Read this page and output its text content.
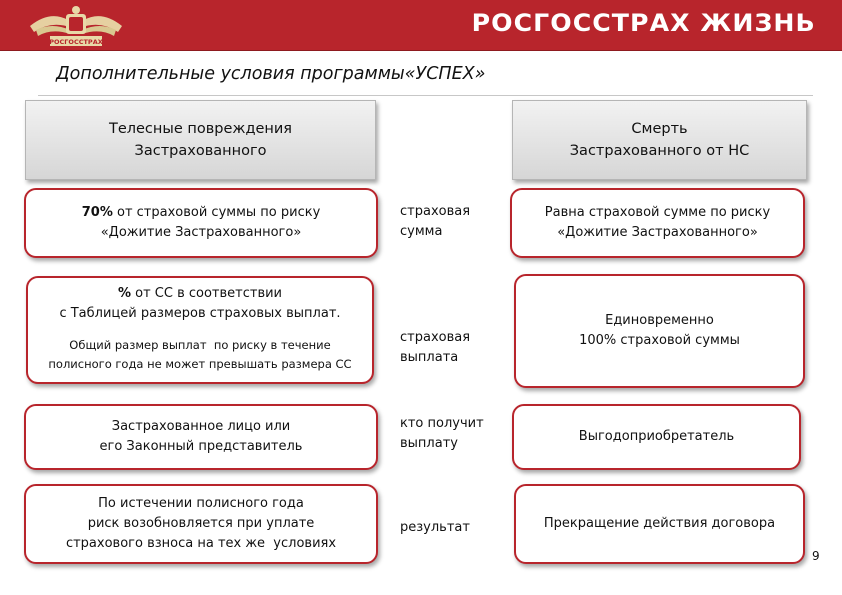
РОСГОССТРАХ
РОСГОССТРАХ ЖИЗНЬ
Дополнительные условия программы«УСПЕХ»
Телесные повреждения
Застрахованного
Смерть
Застрахованного от НС
70% от страховой суммы по риску
«Дожитие Застрахованного»
страховая
сумма
Равна страховой сумме по риску
«Дожитие Застрахованного»
% от СС в соответствии
с Таблицей размеров страховых выплат.
Общий размер выплат  по риску в течение
полисного года не может превышать размера СС
страховая
выплата
Единовременно
100% страховой суммы
Застрахованное лицо или
его Законный представитель
кто получит
выплату	Выгодоприобретатель
По истечении полисного года
риск возобновляется при уплате
страхового взноса на тех же  условиях
результат	Прекращение действия договора
9
